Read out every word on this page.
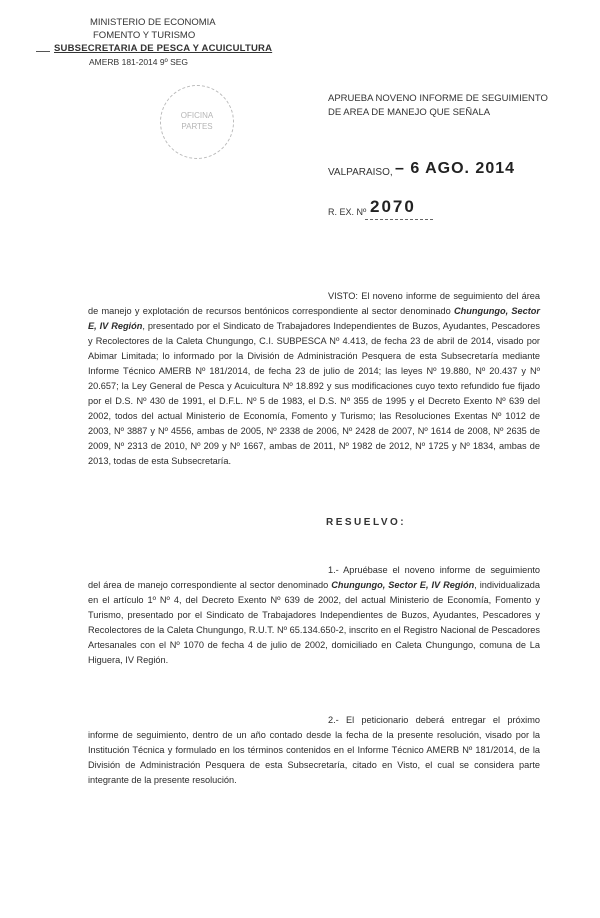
MINISTERIO DE ECONOMIA
FOMENTO Y TURISMO
SUBSECRETARIA DE PESCA Y ACUICULTURA
AMERB 181-2014 9º SEG
OFICINA
PARTES
APRUEBA NOVENO INFORME DE SEGUIMIENTO DE AREA DE MANEJO QUE SEÑALA
VALPARAISO, – 6 AGO. 2014
R. EX. Nº 2070
VISTO: El noveno informe de seguimiento del área de manejo y explotación de recursos bentónicos correspondiente al sector denominado Chungungo, Sector E, IV Región, presentado por el Sindicato de Trabajadores Independientes de Buzos, Ayudantes, Pescadores y Recolectores de la Caleta Chungungo, C.I. SUBPESCA Nº 4.413, de fecha 23 de abril de 2014, visado por Abimar Limitada; lo informado por la División de Administración Pesquera de esta Subsecretaría mediante Informe Técnico AMERB Nº 181/2014, de fecha 23 de julio de 2014; las leyes Nº 19.880, Nº 20.437 y Nº 20.657; la Ley General de Pesca y Acuicultura Nº 18.892 y sus modificaciones cuyo texto refundido fue fijado por el D.S. Nº 430 de 1991, el D.F.L. Nº 5 de 1983, el D.S. Nº 355 de 1995 y el Decreto Exento Nº 639 del 2002, todos del actual Ministerio de Economía, Fomento y Turismo; las Resoluciones Exentas Nº 1012 de 2003, Nº 3887 y Nº 4556, ambas de 2005, Nº 2338 de 2006, Nº 2428 de 2007, Nº 1614 de 2008, Nº 2635 de 2009, Nº 2313 de 2010, Nº 209 y Nº 1667, ambas de 2011, Nº 1982 de 2012, Nº 1725 y Nº 1834, ambas de 2013, todas de esta Subsecretaría.
RESUELVO:
1.- Apruébase el noveno informe de seguimiento del área de manejo correspondiente al sector denominado Chungungo, Sector E, IV Región, individualizada en el artículo 1º Nº 4, del Decreto Exento Nº 639 de 2002, del actual Ministerio de Economía, Fomento y Turismo, presentado por el Sindicato de Trabajadores Independientes de Buzos, Ayudantes, Pescadores y Recolectores de la Caleta Chungungo, R.U.T. Nº 65.134.650-2, inscrito en el Registro Nacional de Pescadores Artesanales con el Nº 1070 de fecha 4 de julio de 2002, domiciliado en Caleta Chungungo, comuna de La Higuera, IV Región.
2.- El peticionario deberá entregar el próximo informe de seguimiento, dentro de un año contado desde la fecha de la presente resolución, visado por la Institución Técnica y formulado en los términos contenidos en el Informe Técnico AMERB Nº 181/2014, de la División de Administración Pesquera de esta Subsecretaría, citado en Visto, el cual se considera parte integrante de la presente resolución.
